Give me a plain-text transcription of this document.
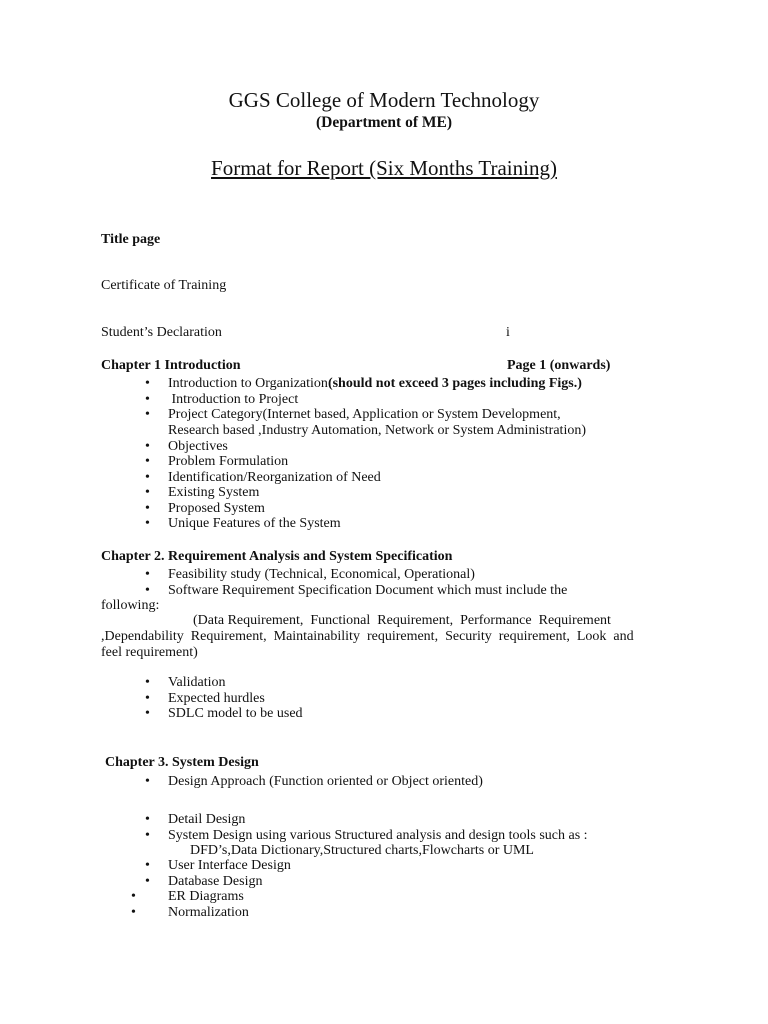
GGS College of Modern Technology
(Department of ME)
Format for Report (Six Months Training)
Title page
Certificate of Training
Student’s Declaration	i
Chapter 1 Introduction	Page 1 (onwards)
• Introduction to Organization(should not exceed 3 pages including Figs.)
• Introduction to Project
• Project Category(Internet based, Application or System Development,
Research based ,Industry Automation, Network or System Administration)
• Objectives
• Problem Formulation
• Identification/Reorganization of Need
• Existing System
• Proposed System
• Unique Features of the System
Chapter 2. Requirement Analysis and System Specification
• Feasibility study (Technical, Economical, Operational)
• Software Requirement Specification Document which must include the
following:
(Data Requirement,  Functional  Requirement,  Performance  Requirement
,Dependability  Requirement,  Maintainability  requirement,  Security  requirement,  Look  and
feel requirement)
• Validation
• Expected hurdles
• SDLC model to be used
Chapter 3. System Design
• Design Approach (Function oriented or Object oriented)
• Detail Design
• System Design using various Structured analysis and design tools such as :
DFD’s,Data Dictionary,Structured charts,Flowcharts or UML
• User Interface Design
• Database Design
• ER Diagrams
• Normalization
